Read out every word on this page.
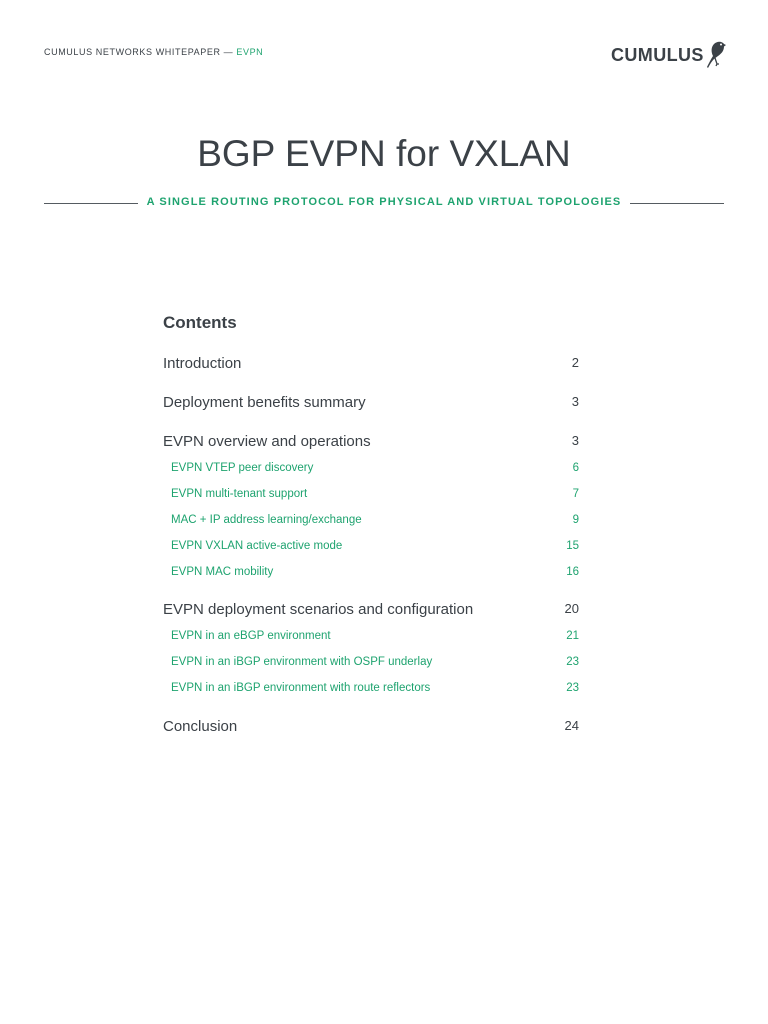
CUMULUS NETWORKS WHITEPAPER — EVPN	CUMULUS
BGP EVPN for VXLAN
A SINGLE ROUTING PROTOCOL FOR PHYSICAL AND VIRTUAL TOPOLOGIES
Contents
Introduction	2
Deployment benefits summary	3
EVPN overview and operations	3
EVPN VTEP peer discovery	6
EVPN multi-tenant support	7
MAC + IP address learning/exchange	9
EVPN VXLAN active-active mode	15
EVPN MAC mobility	16
EVPN deployment scenarios and configuration	20
EVPN in an eBGP environment	21
EVPN in an iBGP environment with OSPF underlay	23
EVPN in an iBGP environment with route reflectors	23
Conclusion	24
